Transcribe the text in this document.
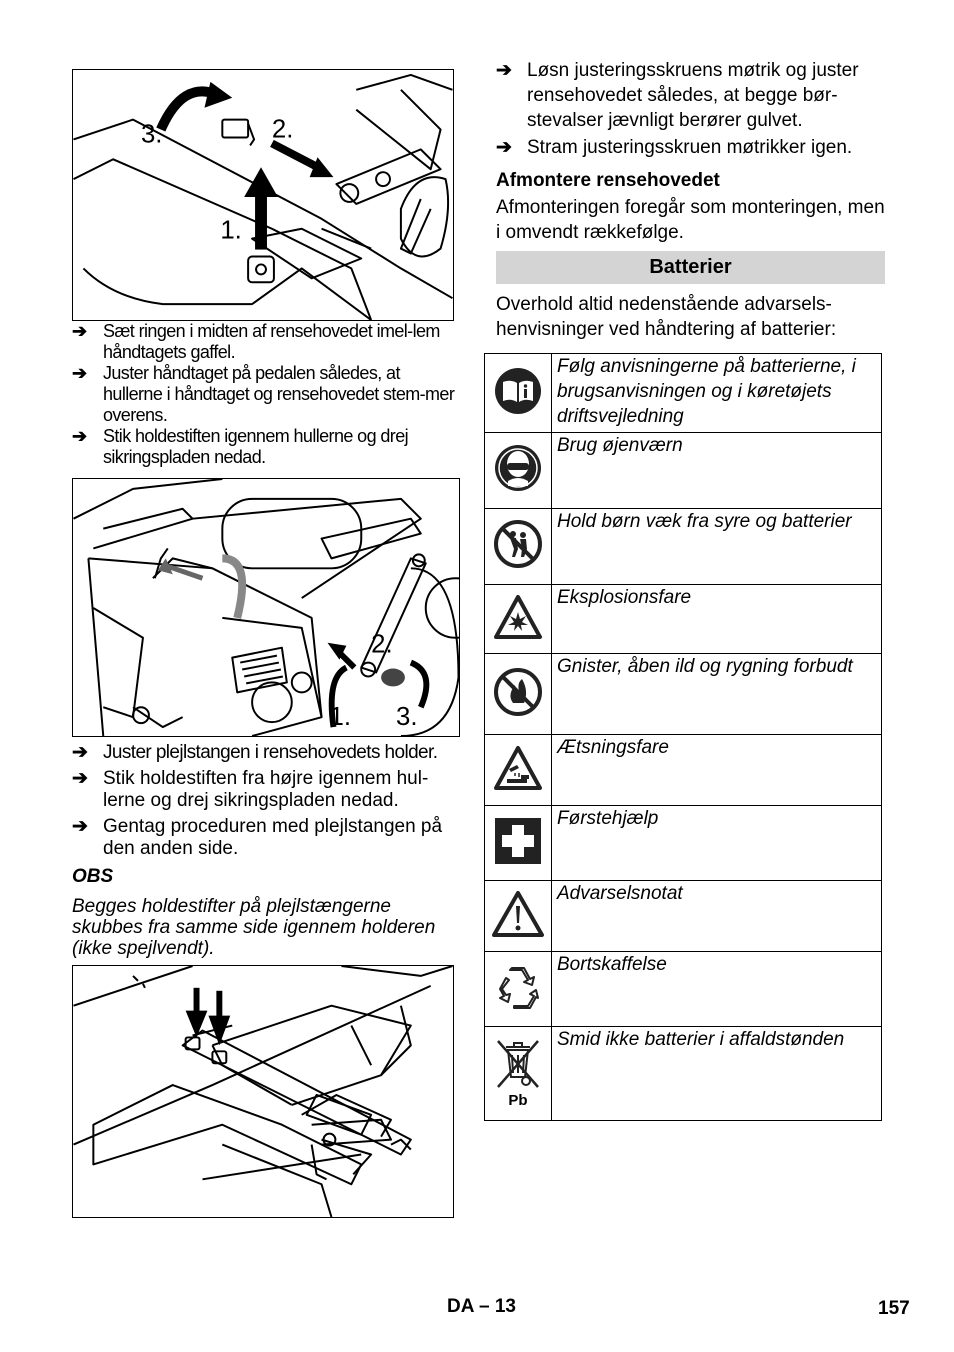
3.	2.
1.
➔ Sæt ringen i midten af rensehovedet imel-lem håndtagets gaffel.
➔ Juster håndtaget på pedalen således, at hullerne i håndtaget og rensehovedet stem-mer overens.
➔ Stik holdestiften igennem hullerne og drej sikringspladen nedad.
2.
1. 3.
➔ Juster plejlstangen i rensehovedets holder.
➔ Stik holdestiften fra højre igennem hul-lerne og drej sikringspladen nedad.
➔ Gentag proceduren med plejlstangen på den anden side.
OBS
Begges holdestifter på plejlstængerne skubbes fra samme side igennem holderen (ikke spejlvendt).
➔ Løsn justeringsskruens møtrik og juster rensehovedet således, at begge bør-stevalser jævnligt berører gulvet.
➔ Stram justeringsskruen møtrikker igen.
Afmontere rensehovedet
Afmonteringen foregår som monteringen, men i omvendt rækkefølge.
Batterier
Overhold altid nedenstående advarsels-henvisninger ved håndtering af batterier:
	Følg anvisningerne på batterierne, i brugsanvisningen og i køretøjets driftsvejledning
	Brug øjenværn
	Hold børn væk fra syre og batterier
	Eksplosionsfare
	Gnister, åben ild og rygning forbudt
	Ætsningsfare
	Førstehjælp
	Advarselsnotat
	Bortskaffelse

Pb	Smid ikke batterier i affaldstønden
DA – 13	157
